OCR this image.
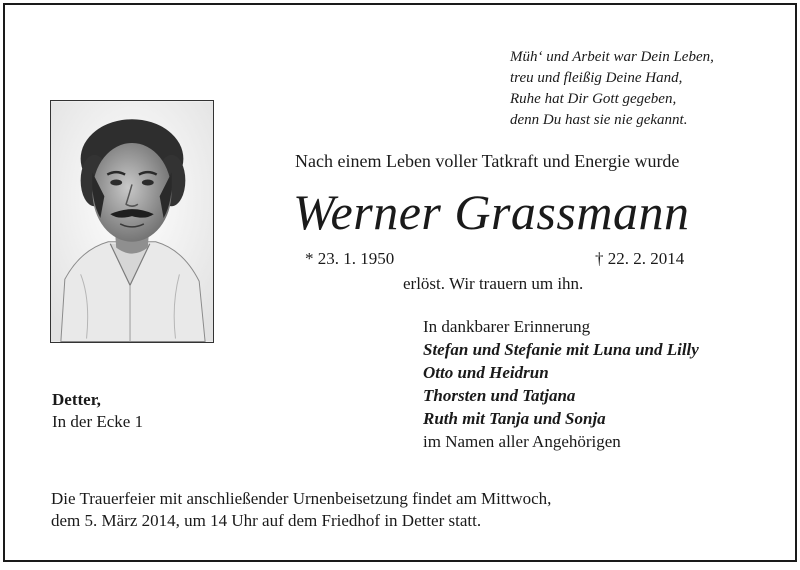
Müh‘ und Arbeit war Dein Leben,
treu und fleißig Deine Hand,
Ruhe hat Dir Gott gegeben,
denn Du hast sie nie gekannt.
Nach einem Leben voller Tatkraft und Energie wurde
Werner Grassmann
* 23. 1. 1950	† 22. 2. 2014
erlöst. Wir trauern um ihn.
In dankbarer Erinnerung
Stefan und Stefanie mit Luna und Lilly
Otto und Heidrun
Thorsten und Tatjana
Ruth mit Tanja und Sonja
im Namen aller Angehörigen
Detter,
In der Ecke 1
Die Trauerfeier mit anschließender Urnenbeisetzung findet am Mittwoch,
dem 5. März 2014, um 14 Uhr auf dem Friedhof in Detter statt.
